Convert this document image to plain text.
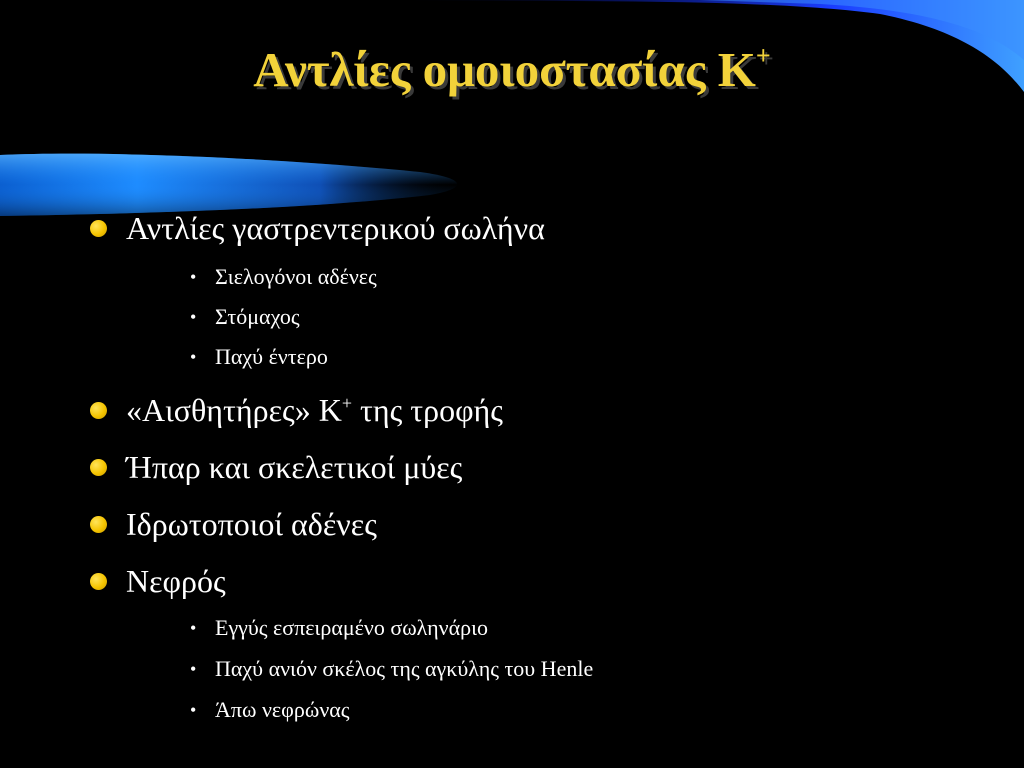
Αντλίες ομοιοστασίας Κ+
Αντλίες γαστρεντερικού σωλήνα
• Σιελογόνοι αδένες
• Στόμαχος
• Παχύ έντερο
«Αισθητήρες» Κ+ της τροφής
Ήπαρ και σκελετικοί μύες
Ιδρωτοποιοί αδένες
Νεφρός
• Εγγύς εσπειραμένο σωληνάριο
• Παχύ ανιόν σκέλος της αγκύλης του Henle
• Άπω νεφρώνας
